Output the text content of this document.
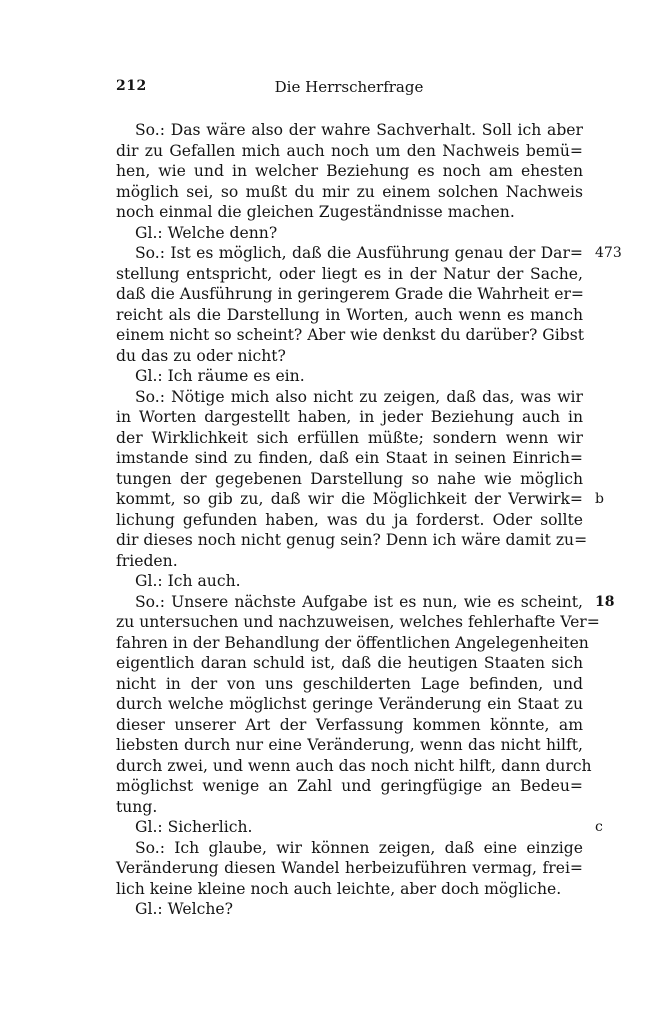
212	Die Herrscherfrage
So.: Das wäre also der wahre Sachverhalt. Soll ich aber
dir zu Gefallen mich auch noch um den Nachweis bemü=
hen, wie und in welcher Beziehung es noch am ehesten
möglich sei, so mußt du mir zu einem solchen Nachweis
noch einmal die gleichen Zugeständnisse machen.
Gl.: Welche denn?
So.: Ist es möglich, daß die Ausführung genau der Dar=
stellung entspricht, oder liegt es in der Natur der Sache,
daß die Ausführung in geringerem Grade die Wahrheit er=
reicht als die Darstellung in Worten, auch wenn es manch
einem nicht so scheint? Aber wie denkst du darüber? Gibst
du das zu oder nicht?
Gl.: Ich räume es ein.
So.: Nötige mich also nicht zu zeigen, daß das, was wir
in Worten dargestellt haben, in jeder Beziehung auch in
der Wirklichkeit sich erfüllen müßte; sondern wenn wir
imstande sind zu finden, daß ein Staat in seinen Einrich=
tungen der gegebenen Darstellung so nahe wie möglich
kommt, so gib zu, daß wir die Möglichkeit der Verwirk=
lichung gefunden haben, was du ja forderst. Oder sollte
dir dieses noch nicht genug sein? Denn ich wäre damit zu=
frieden.
Gl.: Ich auch.
So.: Unsere nächste Aufgabe ist es nun, wie es scheint,
zu untersuchen und nachzuweisen, welches fehlerhafte Ver=
fahren in der Behandlung der öffentlichen Angelegenheiten
eigentlich daran schuld ist, daß die heutigen Staaten sich
nicht in der von uns geschilderten Lage befinden, und
durch welche möglichst geringe Veränderung ein Staat zu
dieser unserer Art der Verfassung kommen könnte, am
liebsten durch nur eine Veränderung, wenn das nicht hilft,
durch zwei, und wenn auch das noch nicht hilft, dann durch
möglichst wenige an Zahl und geringfügige an Bedeu=
tung.
Gl.: Sicherlich.
So.: Ich glaube, wir können zeigen, daß eine einzige
Veränderung diesen Wandel herbeizuführen vermag, frei=
lich keine kleine noch auch leichte, aber doch mögliche.
Gl.: Welche?
473
b
18
c
